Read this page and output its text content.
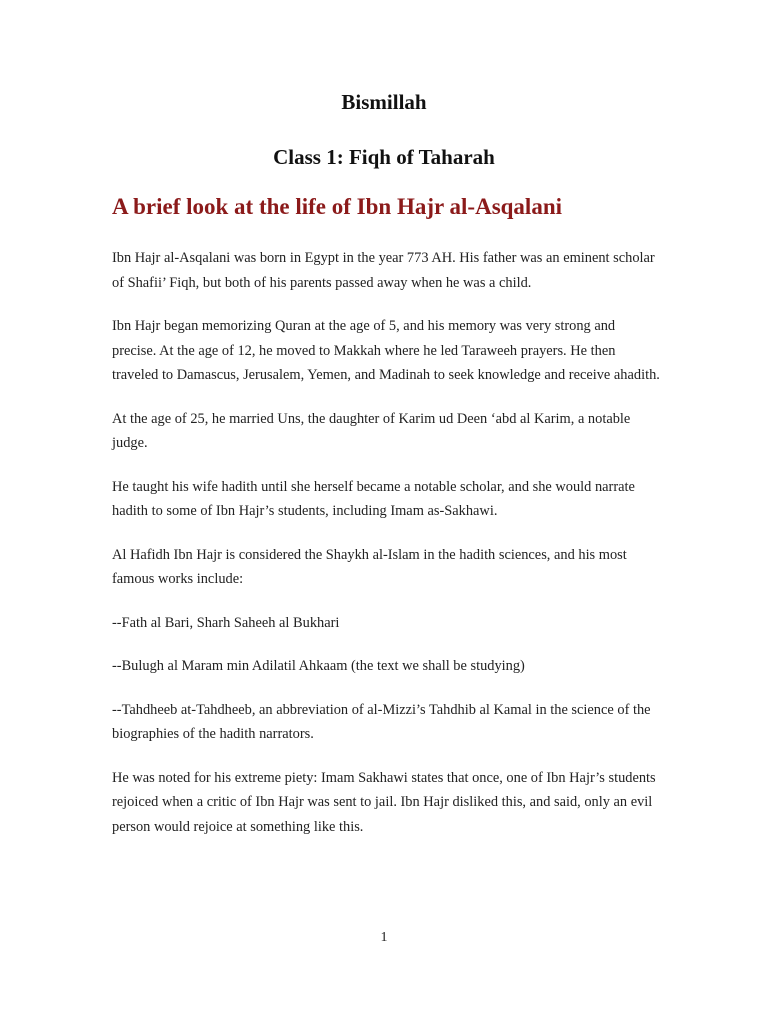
Bismillah
Class 1: Fiqh of Taharah
A brief look at the life of Ibn Hajr al-Asqalani

Ibn Hajr al-Asqalani was born in Egypt in the year 773 AH. His father was an eminent scholar of Shafii’ Fiqh, but both of his parents passed away when he was a child.

Ibn Hajr began memorizing Quran at the age of 5, and his memory was very strong and precise. At the age of 12, he moved to Makkah where he led Taraweeh prayers. He then traveled to Damascus, Jerusalem, Yemen, and Madinah to seek knowledge and receive ahadith.

At the age of 25, he married Uns, the daughter of Karim ud Deen ‘abd al Karim, a notable judge.

He taught his wife hadith until she herself became a notable scholar, and she would narrate hadith to some of Ibn Hajr’s students, including Imam as-Sakhawi.

Al Hafidh Ibn Hajr is considered the Shaykh al-Islam in the hadith sciences, and his most famous works include:

--Fath al Bari, Sharh Saheeh al Bukhari

--Bulugh al Maram min Adilatil Ahkaam (the text we shall be studying)

--Tahdheeb at-Tahdheeb, an abbreviation of al-Mizzi’s Tahdhib al Kamal in the science of the biographies of the hadith narrators.

He was noted for his extreme piety: Imam Sakhawi states that once, one of Ibn Hajr’s students rejoiced when a critic of Ibn Hajr was sent to jail. Ibn Hajr disliked this, and said, only an evil person would rejoice at something like this.

1
